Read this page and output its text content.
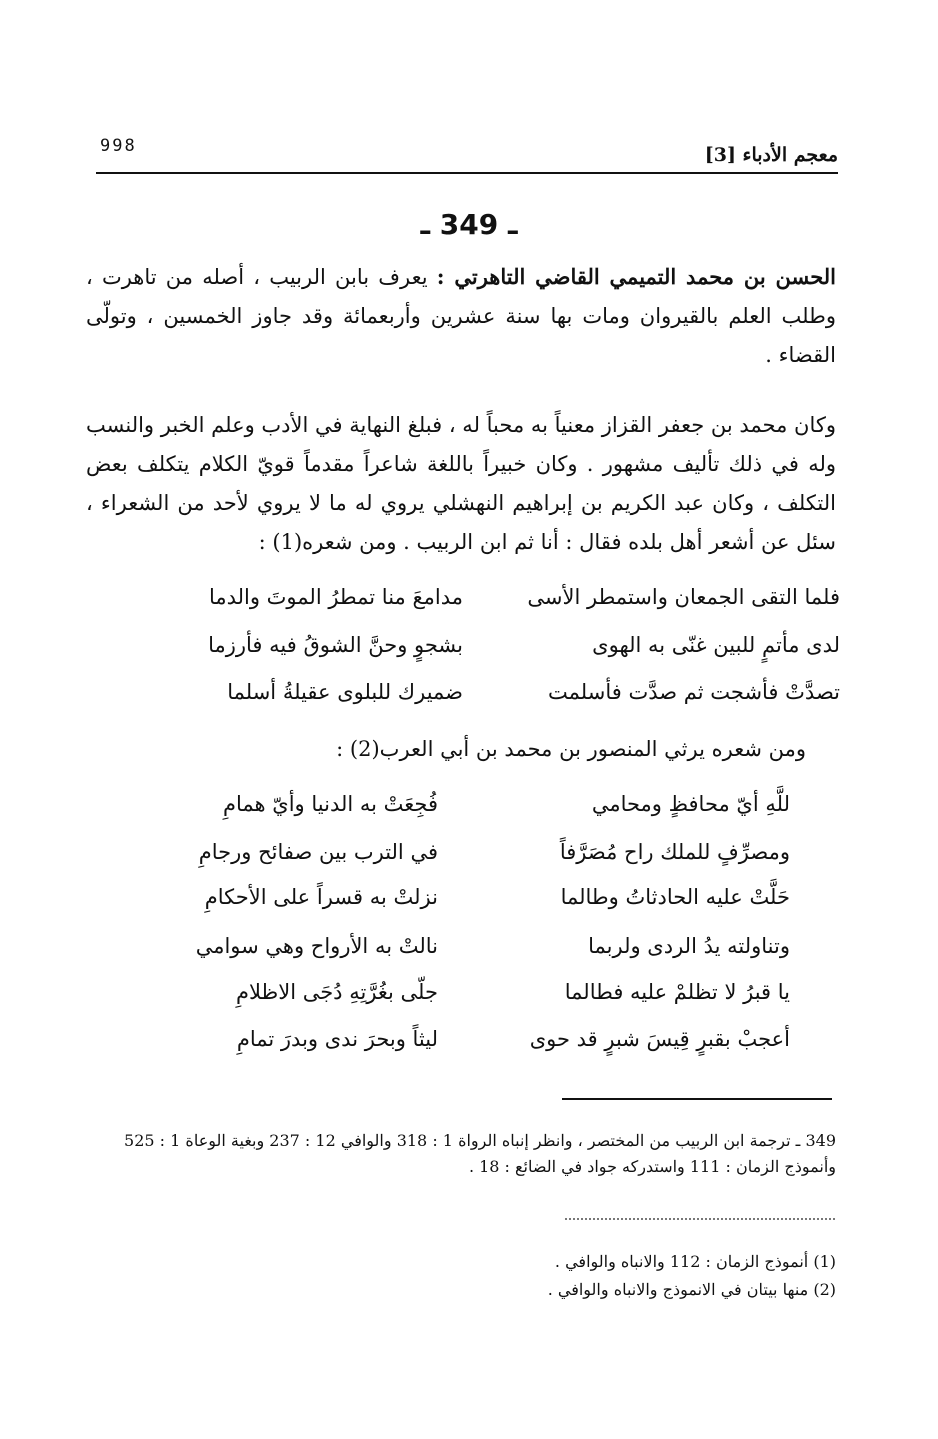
998	معجم الأدباء [3]
ـ 349 ـ
الحسن بن محمد التميمي القاضي التاهرتي : يعرف بابن الربيب ، أصله من تاهرت ، وطلب العلم بالقيروان ومات بها سنة عشرين وأربعمائة وقد جاوز الخمسين ، وتولّى القضاء .
وكان محمد بن جعفر القزاز معنياً به محباً له ، فبلغ النهاية في الأدب وعلم الخبر والنسب وله في ذلك تأليف مشهور . وكان خبيراً باللغة شاعراً مقدماً قويّ الكلام يتكلف بعض التكلف ، وكان عبد الكريم بن إبراهيم النهشلي يروي له ما لا يروي لأحد من الشعراء ، سئل عن أشعر أهل بلده فقال : أنا ثم ابن الربيب . ومن شعره(1) :
فلما التقى الجمعان واستمطر الأسى
مدامعَ منا تمطرُ الموتَ والدما
لدى مأتمٍ للبين غنّى به الهوى
بشجوٍ وحنَّ الشوقُ فيه فأرزما
تصدَّتْ فأشجت ثم صدَّت فأسلمت
ضميرك للبلوى عقيلةُ أسلما
ومن شعره يرثي المنصور بن محمد بن أبي العرب(2) :
للَّهِ أيّ محافظٍ ومحامي
فُجِعَتْ به الدنيا وأيّ همامِ
ومصرِّفٍ للملك راح مُصَرَّفاً
في الترب بين صفائح ورجامِ
حَلَّتْ عليه الحادثاتُ وطالما
نزلتْ به قسراً على الأحكامِ
وتناولته يدُ الردى ولربما
نالتْ به الأرواح وهي سوامي
يا قبرُ لا تظلمْ عليه فطالما
جلّى بغُرَّتِهِ دُجَى الاظلامِ
أعجبْ بقبرٍ قِيسَ شبرٍ قد حوى
ليثاً وبحرَ ندى وبدرَ تمامِ
349 ـ ترجمة ابن الربيب من المختصر ، وانظر إنباه الرواة 1 : 318 والوافي 12 : 237 وبغية الوعاة 1 : 525 وأنموذج الزمان : 111 واستدركه جواد في الضائع : 18 .
(1) أنموذج الزمان : 112 والانباه والوافي .
(2) منها بيتان في الانموذج والانباه والوافي .
